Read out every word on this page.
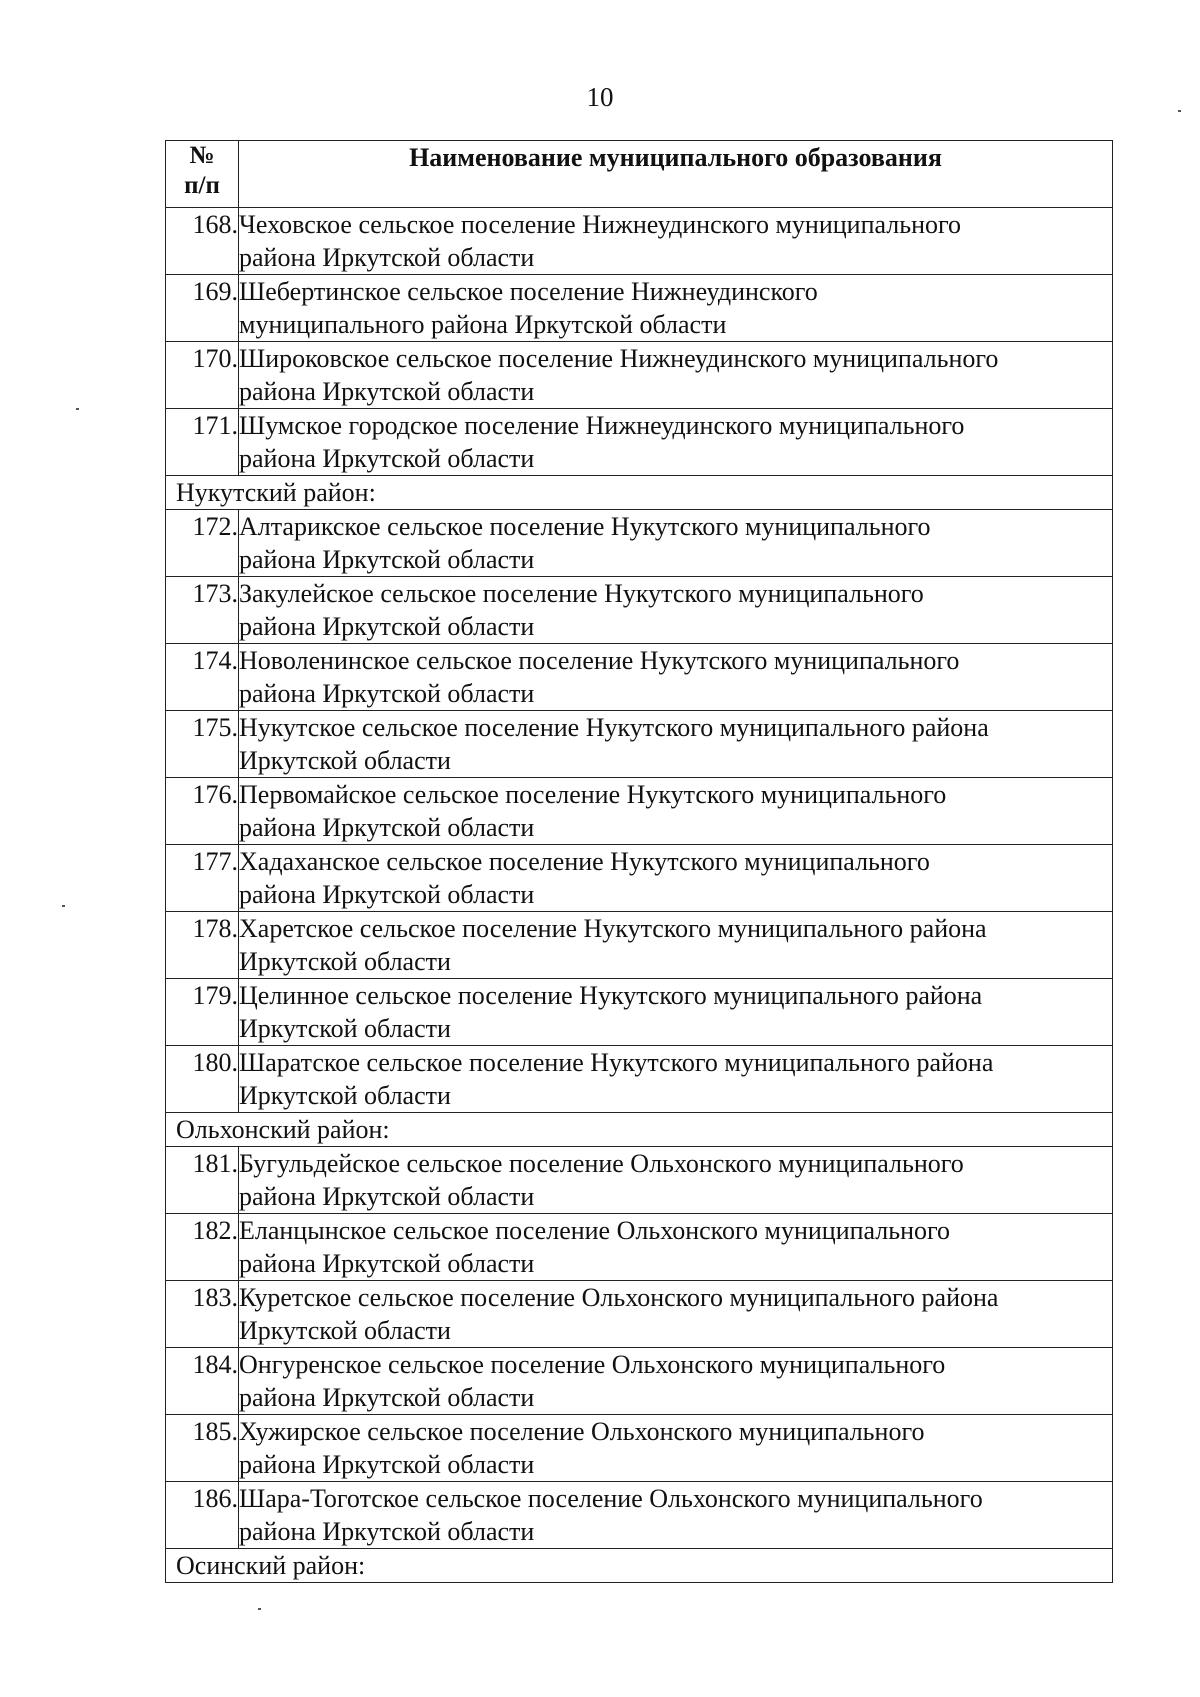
10
№
п/п	Наименование муниципального образования
168.	Чеховское сельское поселение Нижнеудинского муниципального
района Иркутской области

169.	Шебертинское сельское поселение Нижнеудинского
муниципального района Иркутской области

170.	Широковское сельское поселение Нижнеудинского муниципального
района Иркутской области

171.	Шумское городское поселение Нижнеудинского муниципального
района Иркутской области

Нукутский район:	
172.	Алтарикское сельское поселение Нукутского муниципального
района Иркутской области

173.	Закулейское сельское поселение Нукутского муниципального
района Иркутской области

174.	Новоленинское сельское поселение Нукутского муниципального
района Иркутской области

175.	Нукутское сельское поселение Нукутского муниципального района
Иркутской области

176.	Первомайское сельское поселение Нукутского муниципального
района Иркутской области

177.	Хадаханское сельское поселение Нукутского муниципального
района Иркутской области

178.	Харетское сельское поселение Нукутского муниципального района
Иркутской области

179.	Целинное сельское поселение Нукутского муниципального района
Иркутской области

180.	Шаратское сельское поселение Нукутского муниципального района
Иркутской области

Ольхонский район:	
181.	Бугульдейское сельское поселение Ольхонского муниципального
района Иркутской области

182.	Еланцынское сельское поселение Ольхонского муниципального
района Иркутской области

183.	Куретское сельское поселение Ольхонского муниципального района
Иркутской области

184.	Онгуренское сельское поселение Ольхонского муниципального
района Иркутской области

185.	Хужирское сельское поселение Ольхонского муниципального
района Иркутской области

186.	Шара-Тоготское сельское поселение Ольхонского муниципального
района Иркутской области

Осинский район:	
